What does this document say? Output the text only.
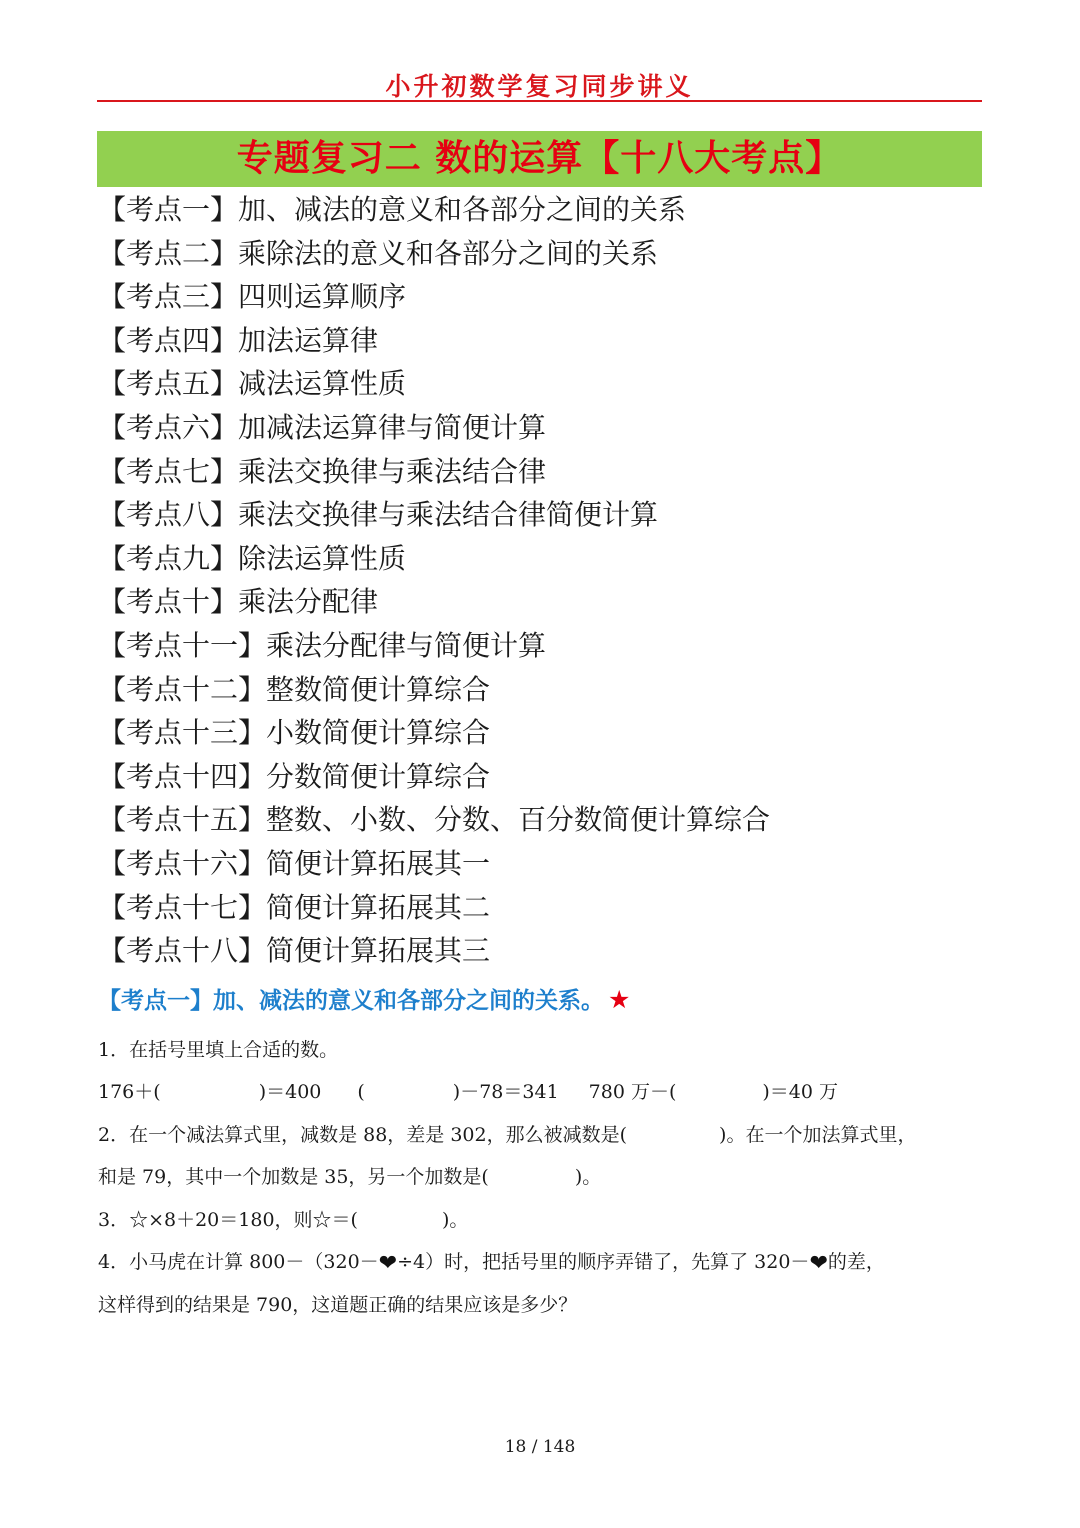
小升初数学复习同步讲义
专题复习二 数的运算【十八大考点】
【考点一】加、减法的意义和各部分之间的关系
【考点二】乘除法的意义和各部分之间的关系
【考点三】四则运算顺序
【考点四】加法运算律
【考点五】减法运算性质
【考点六】加减法运算律与简便计算
【考点七】乘法交换律与乘法结合律
【考点八】乘法交换律与乘法结合律简便计算
【考点九】除法运算性质
【考点十】乘法分配律
【考点十一】乘法分配律与简便计算
【考点十二】整数简便计算综合
【考点十三】小数简便计算综合
【考点十四】分数简便计算综合
【考点十五】整数、小数、分数、百分数简便计算综合
【考点十六】简便计算拓展其一
【考点十七】简便计算拓展其二
【考点十八】简便计算拓展其三
【考点一】加、减法的意义和各部分之间的关系。 ★
1．在括号里填上合适的数。
176＋(	)＝400 (	)－78＝341 780 万－(	)＝40 万
2．在一个减法算式里，减数是 88，差是 302，那么被减数是(	)。在一个加法算式里，
和是 79，其中一个加数是 35，另一个加数是(	)。
3．☆×8＋20＝180，则☆＝(	)。
4．小马虎在计算 800－（320－❤÷4）时，把括号里的顺序弄错了，先算了 320－❤的差，
这样得到的结果是 790，这道题正确的结果应该是多少？
18 / 148
